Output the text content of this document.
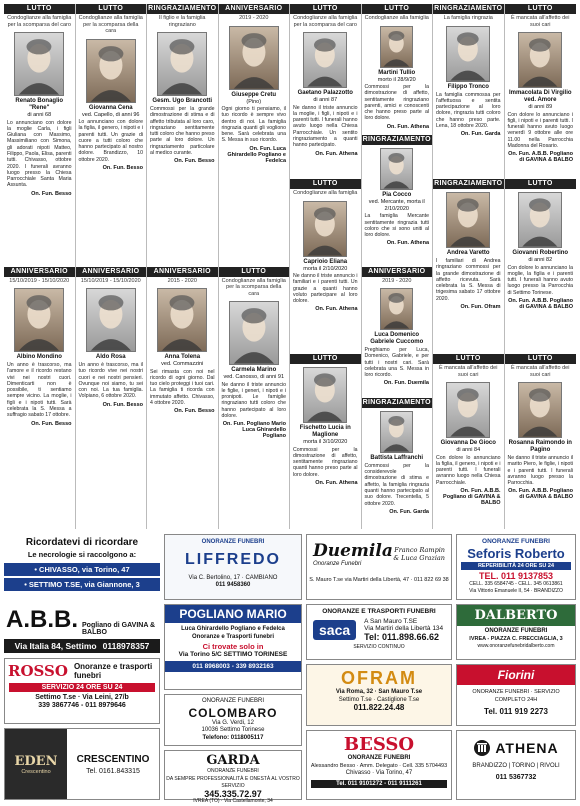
LUTTO
Condoglianze alla famiglia per la scomparsa del caro
Renato Bonaglio "Rene"
di anni 68
Lo annunciano con dolore la moglie Carla, i figli Giuliana con Massimo, Massimiliano con Simona, gli adorati nipoti Matteo, Filippo, Paola, Elisa, parenti tutti. Chivasso, ottobre 2020. I funerali avranno luogo presso la Chiesa Parrocchiale Santa Maria Assunta.
On. Fun. Besso
ANNIVERSARIO
15/10/2019 - 15/10/2020
Albino Mondino
Un anno è trascorso, ma l'amore e il ricordo restano vivi nei nostri cuori. Dimenticarti non è possibile, ti sentiamo sempre vicino. La moglie, i figli e i nipoti tutti. Sarà celebrata la S. Messa a suffragio sabato 17 ottobre.
On. Fun. Besso
LUTTO
Condoglianze alla famiglia per la scomparsa della cara
Giovanna Cena
ved. Capello, di anni 96
Lo annunciano con dolore la figlia, il genero, i nipoti e i parenti tutti. Un grazie di cuore a tutti coloro che hanno partecipato al nostro dolore. Brandizzo, 10 ottobre 2020.
On. Fun. Besso
ANNIVERSARIO
15/10/2019 - 15/10/2020
Aldo Rosa
Un anno è trascorso, ma il tuo ricordo vive nei nostri cuori e nei nostri pensieri. Ovunque noi siamo, tu sei con noi. La tua famiglia. Volpiano, 6 ottobre 2020.
On. Fun. Besso
RINGRAZIAMENTO
Il figlio e la famiglia ringraziano
Gesm. Ugo Brancotti
Commossi per la grande dimostrazione di stima e di affetto tributata al loro caro, ringraziano sentitamente tutti coloro che hanno preso parte al loro dolore. Un ringraziamento particolare al medico curante.
On. Fun. Besso
ANNIVERSARIO
2015 - 2020
Anna Tolena
ved. Commazzini
Sei rimasta con noi nel ricordo di ogni giorno. Dal tuo cielo proteggi i tuoi cari. La famiglia ti ricorda con immutato affetto. Chivasso, 4 ottobre 2020.
On. Fun. Besso
ANNIVERSARIO
2019 - 2020
Giuseppe Cretu
(Pino)
Ogni giorno ti pensiamo, il tuo ricordo è sempre vivo dentro di noi. La famiglia ringrazia quanti gli vogliono bene. Sarà celebrata una S. Messa in suo ricordo.
On. Fun. Luca Ghirardello Pogliano e Fedelca
LUTTO
Condoglianze alla famiglia per la scomparsa della cara
Carmela Marino
ved. Canosso, di anni 91
Ne danno il triste annuncio le figlie, i generi, i nipoti e i pronipoti. Le famiglie ringraziano tutti coloro che hanno partecipato al loro dolore.
On. Fun. Pogliano Mario Luca Ghirardello Pogliano
LUTTO
Condoglianze alla famiglia per la scomparsa del caro
Gaetano Palazzotto
di anni 87
Ne danno il triste annuncio la moglie, i figli, i nipoti e i parenti tutti. I funerali hanno avuto luogo nella Chiesa Parrocchiale. Un sentito ringraziamento a quanti hanno partecipato.
On. Fun. Athena
LUTTO
Condoglianze alla famiglia
Caprioio Eliana
morta il 2/10/2020
Ne danno il triste annuncio i familiari e i parenti tutti. Un grazie a quanti hanno voluto partecipare al loro dolore.
On. Fun. Athena
LUTTO
Fischetto Lucia in Maglione
morta il 3/10/2020
Commossi per la dimostrazione di affetto, sentitamente ringraziano quanti hanno preso parte al loro dolore.
On. Fun. Athena
LUTTO
Condoglianze alla famiglia
Martini Tullio
morto il 28/9/20
Commossi per la dimostrazione di affetto, sentitamente ringraziano parenti, amici e conoscenti che hanno preso parte al loro dolore.
On. Fun. Athena
RINGRAZIAMENTO
Pia Cocco
ved. Mercante, morta il 2/10/2020
La famiglia Mercante sentitamente ringrazia tutti coloro che si sono uniti al loro dolore.
On. Fun. Athena
ANNIVERSARIO
2019 - 2020
Luca Domenico Gabriele Cuccomo
Preghiamo per Luca, Domenico, Gabriele, e per tutti i nostri cari. Sarà celebrata una S. Messa in loro ricordo.
On. Fun. Duemila
RINGRAZIAMENTO
Battista Laffranchi
Commossi per la considerevole dimostrazione di stima e affetto, la famiglia ringrazia quanti hanno partecipato al suo dolore. Trecentella, 5 ottobre 2020.
On. Fun. Garda
RINGRAZIAMENTO
La famiglia ringrazia
Filippo Tronco
La famiglia commossa per l'affettuosa e sentita partecipazione al loro dolore, ringrazia tutti coloro che hanno preso parte. Lena, 18 ottobre 2020.
On. Fun. Garda
RINGRAZIAMENTO
Andrea Varetto
I familiari di Andrea ringraziano commossi per la grande dimostrazione di affetto ricevuta. Sarà celebrata la S. Messa di trigesima sabato 17 ottobre 2020.
On. Fun. Ofram
LUTTO
È mancata all'affetto dei suoi cari
Giovanna De Gioco
di anni 84
Con dolore lo annunciano la figlia, il genero, i nipoti e i parenti tutti. I funerali avranno luogo nella Chiesa Parrocchiale.
On. Fun. A.B.B. Pogliano di GAVINA & BALBO
LUTTO
È mancata all'affetto dei suoi cari
Immacolata Di Virgilio ved. Amore
di anni 89
Con dolore lo annunciano i figli, i nipoti e i parenti tutti. I funerali hanno avuto luogo venerdì 9 ottobre alle ore 11.00 nella Parrocchia Madonna del Rosario.
On. Fun. A.B.B. Pogliano di GAVINA & BALBO
LUTTO
Giovanni Robertino
di anni 82
Con dolore lo annunciano la moglie, la figlia e i parenti tutti. I funerali hanno avuto luogo presso la Parrocchia di Settimo Torinese.
On. Fun. A.B.B. Pogliano di GAVINA & BALBO
LUTTO
È mancata all'affetto dei suoi cari
Rosanna Raimondo in Pagino
Ne danno il triste annuncio il marito Piero, le figlie, i nipoti e i parenti tutti. I funerali avranno luogo presso la Parrocchia.
On. Fun. A.B.B. Pogliano di GAVINA & BALBO
Ricordatevi di ricordare
Le necrologie si raccolgono a:
• CHIVASSO, via Torino, 47
• SETTIMO T.SE, via Giannone, 3
ONORANZE FUNEBRI
LIFFREDO
Via C. Bertolino, 17 · CAMBIANO
011 9458360
Duemila
Onoranze Funebri
Franco Rampin & Luca Grazian
S. Mauro T.se via Martiri della Libertà, 47 · 011 822 69 38
ONORANZE FUNEBRI
Seforis Roberto
REPERIBILITÀ 24 ORE SU 24
TEL. 011 9137853
CELL. 335 6584745 - CELL. 345 0613861
Via Vittorio Emanuele II, 54 · BRANDIZZO
A.B.B. Pogliano di GAVINA & BALBO
Via Italia 84, Settimo 0118978357
POGLIANO MARIO
Luca Ghirardello Pogliano e Fedelca
Onoranze e Trasporti funebri
Ci trovate solo in
Via Torino 5/C SETTIMO TORINESE
011 8968003 - 339 8932163
ONORANZE E TRASPORTI FUNEBRI
saca
A San Mauro T.SE
Via Martiri della Libertà 134
Tel: 011.898.66.62
SERVIZIO CONTINUO
DALBERTO
ONORANZE FUNEBRI
IVREA - PIAZZA C. FRECCIAGLIA, 3
www.onoranzefunebridalberto.com
ROSSO Onoranze e trasporti funebri
SERVIZIO 24 ORE SU 24
Settimo T.se · Via Leini, 27/b
339 3867746 - 011 8979646
ONORANZE FUNEBRI
COLOMBARO
Via G. Verdi, 12
10036 Settimo Torinese
Telefono: 0118005117
OFRAM
Via Roma, 32 · San Mauro T.se
Settimo T.se · Castiglione T.se
011.822.24.48
Fiorini
ONORANZE FUNEBRI · SERVIZIO COMPLETO 24H
Tel. 011 919 2273
EDEN
Crescentino
CRESCENTINO
Tel. 0161.843315
GARDA
ONORANZE FUNEBRI
DA SEMPRE PROFESSIONALITÀ E ONESTÀ AL VOSTRO SERVIZIO
345.335.72.97
IVREA (TO) · Via Castellamonte, 34
BESSO
ONORANZE FUNEBRI
Alessandro Besso · Amm. Delegato · Cell. 335 5704493
Chivasso · Via Torino, 47
Tel. 011 9101272 - 011 9111261
ATHENA
BRANDIZZO | TORINO | RIVOLI
011 5367732
